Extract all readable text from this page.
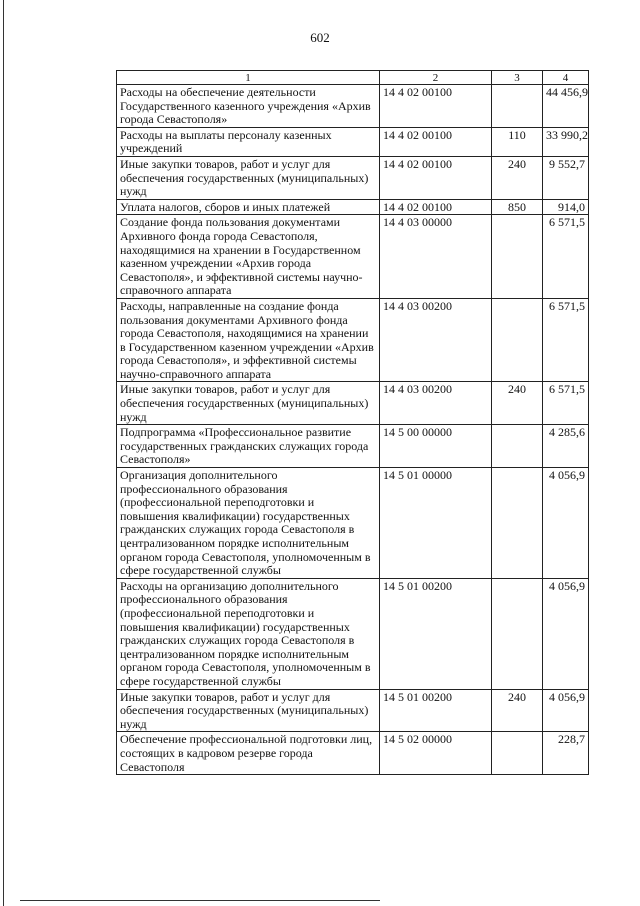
602
1	2	3	4
Расходы на обеспечение деятельности Государственного казенного учреждения «Архив города Севастополя»	14 4 02 00100		44 456,9
Расходы на выплаты персоналу казенных учреждений	14 4 02 00100	110	33 990,2
Иные закупки товаров, работ и услуг для обеспечения государственных (муниципальных) нужд	14 4 02 00100	240	9 552,7
Уплата налогов, сборов и иных платежей	14 4 02 00100	850	914,0
Создание фонда пользования документами Архивного фонда города Севастополя, находящимися на хранении в Государственном казенном учреждении «Архив города Севастополя», и эффективной системы научно-справочного аппарата	14 4 03 00000		6 571,5
Расходы, направленные на создание фонда пользования документами Архивного фонда города Севастополя, находящимися на хранении в Государственном казенном учреждении «Архив города Севастополя», и эффективной системы научно-справочного аппарата	14 4 03 00200		6 571,5
Иные закупки товаров, работ и услуг для обеспечения государственных (муниципальных) нужд	14 4 03 00200	240	6 571,5
Подпрограмма «Профессиональное развитие государственных гражданских служащих города Севастополя»	14 5 00 00000		4 285,6
Организация дополнительного профессионального образования (профессиональной переподготовки и повышения квалификации) государственных гражданских служащих города Севастополя в централизованном порядке исполнительным органом города Севастополя, уполномоченным в сфере государственной службы	14 5 01 00000		4 056,9
Расходы на организацию дополнительного профессионального образования (профессиональной переподготовки и повышения квалификации) государственных гражданских служащих города Севастополя в централизованном порядке исполнительным органом города Севастополя, уполномоченным в сфере государственной службы	14 5 01 00200		4 056,9
Иные закупки товаров, работ и услуг для обеспечения государственных (муниципальных) нужд	14 5 01 00200	240	4 056,9
Обеспечение профессиональной подготовки лиц, состоящих в кадровом резерве города Севастополя	14 5 02 00000		228,7
